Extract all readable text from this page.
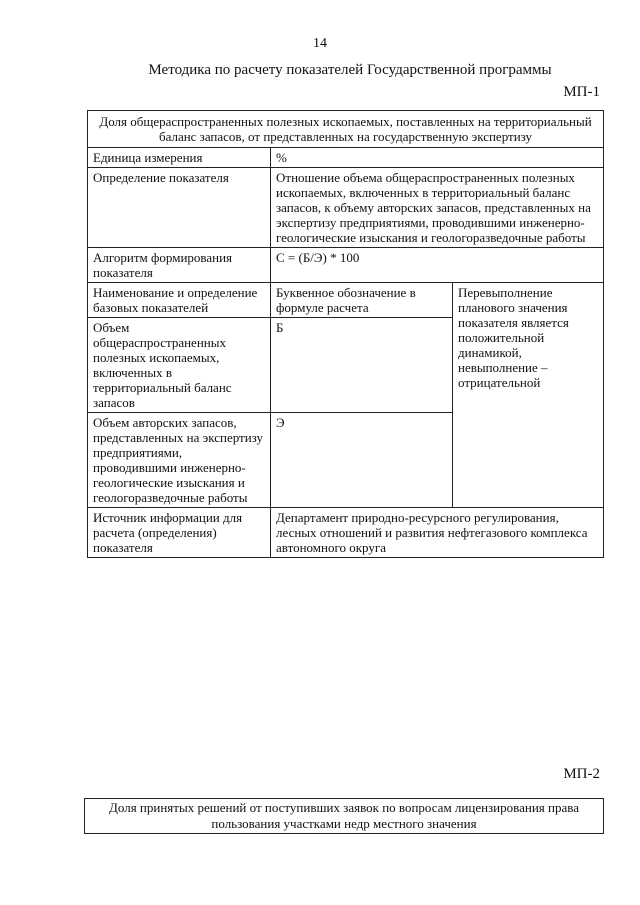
14
Методика по расчету показателей Государственной программы
МП-1
Доля общераспространенных полезных ископаемых, поставленных на территориальный баланс запасов, от представленных на государственную экспертизу		
Единица измерения	%	
Определение показателя	Отношение объема общераспространенных полезных ископаемых, включенных в территориальный баланс запасов, к объему авторских запасов, представленных на экспертизу предприятиями, проводившими инженерно-геологические изыскания и геологоразведочные работы	
Алгоритм формирования показателя	С = (Б/Э) * 100	
Наименование и определение базовых показателей	Буквенное обозначение в формуле расчета	Перевыполнение планового значения показателя является положительной динамикой, невыполнение – отрицательной
Объем общераспространенных полезных ископаемых, включенных в территориальный баланс запасов	Б	
Объем авторских запасов, представленных на экспертизу предприятиями, проводившими инженерно-геологические изыскания и геологоразведочные работы	Э	
Источник информации для расчета (определения) показателя	Департамент природно-ресурсного регулирования, лесных отношений и развития нефтегазового комплекса автономного округа	
МП-2
Доля принятых решений от поступивших заявок по вопросам лицензирования права пользования участками недр местного значения
